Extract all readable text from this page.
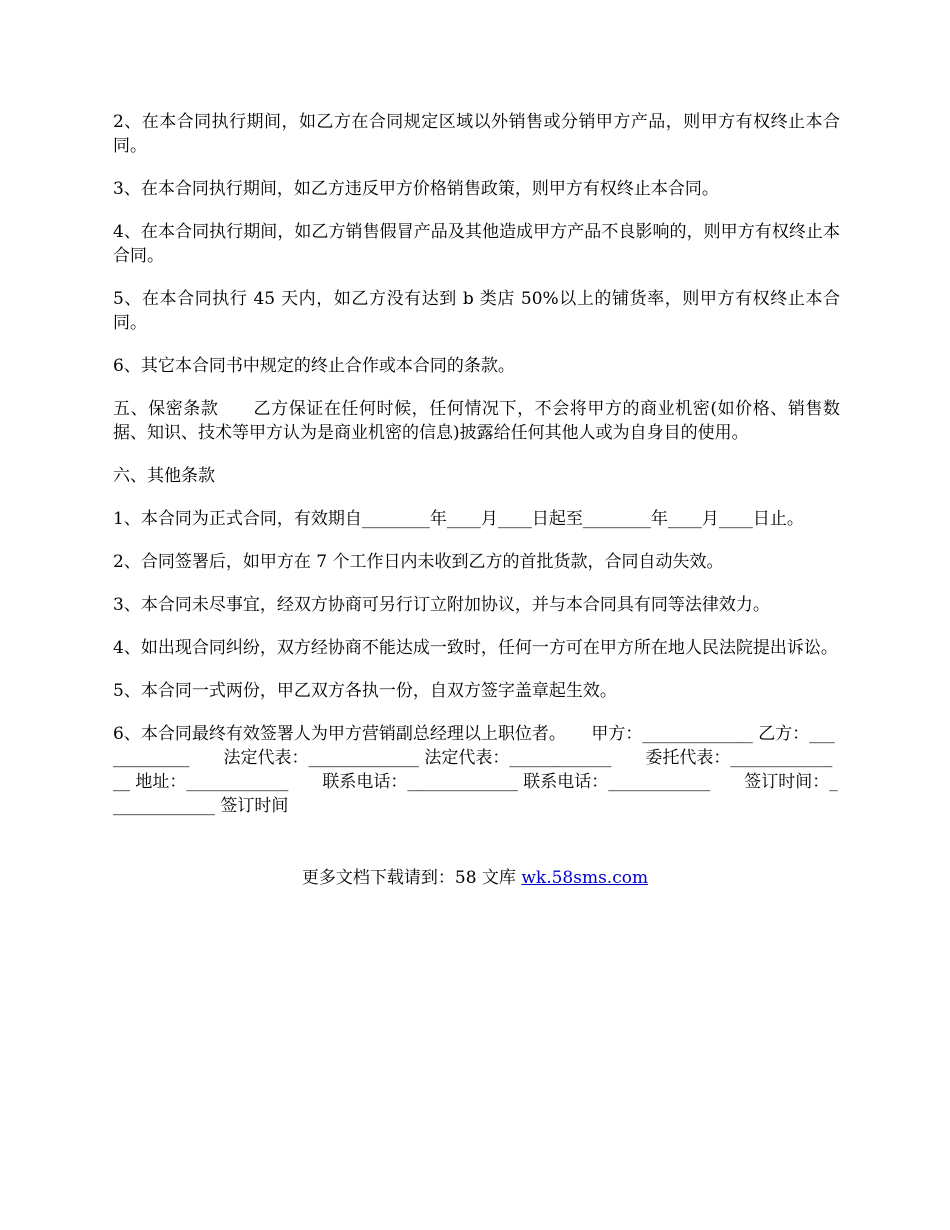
2、在本合同执行期间，如乙方在合同规定区域以外销售或分销甲方产品，则甲方有权终止本合同。

3、在本合同执行期间，如乙方违反甲方价格销售政策，则甲方有权终止本合同。

4、在本合同执行期间，如乙方销售假冒产品及其他造成甲方产品不良影响的，则甲方有权终止本合同。

5、在本合同执行 45 天内，如乙方没有达到 b 类店 50%以上的铺货率，则甲方有权终止本合同。

6、其它本合同书中规定的终止合作或本合同的条款。

五、保密条款　　乙方保证在任何时候，任何情况下，不会将甲方的商业机密(如价格、销售数据、知识、技术等甲方认为是商业机密的信息)披露给任何其他人或为自身目的使用。

六、其他条款

1、本合同为正式合同，有效期自________年____月____日起至________年____月____日止。

2、合同签署后，如甲方在 7 个工作日内未收到乙方的首批货款，合同自动失效。

3、本合同未尽事宜，经双方协商可另行订立附加协议，并与本合同具有同等法律效力。

4、如出现合同纠纷，双方经协商不能达成一致时，任何一方可在甲方所在地人民法院提出诉讼。

5、本合同一式两份，甲乙双方各执一份，自双方签字盖章起生效。

6、本合同最终有效签署人为甲方营销副总经理以上职位者。　　甲方：_____________ 乙方：____________　　法定代表：_____________ 法定代表：____________　　委托代表：______________ 地址：____________　　联系电话：_____________ 联系电话：____________　　签订时间：_____________ 签订时间

更多文档下载请到：58 文库 wk.58sms.com
